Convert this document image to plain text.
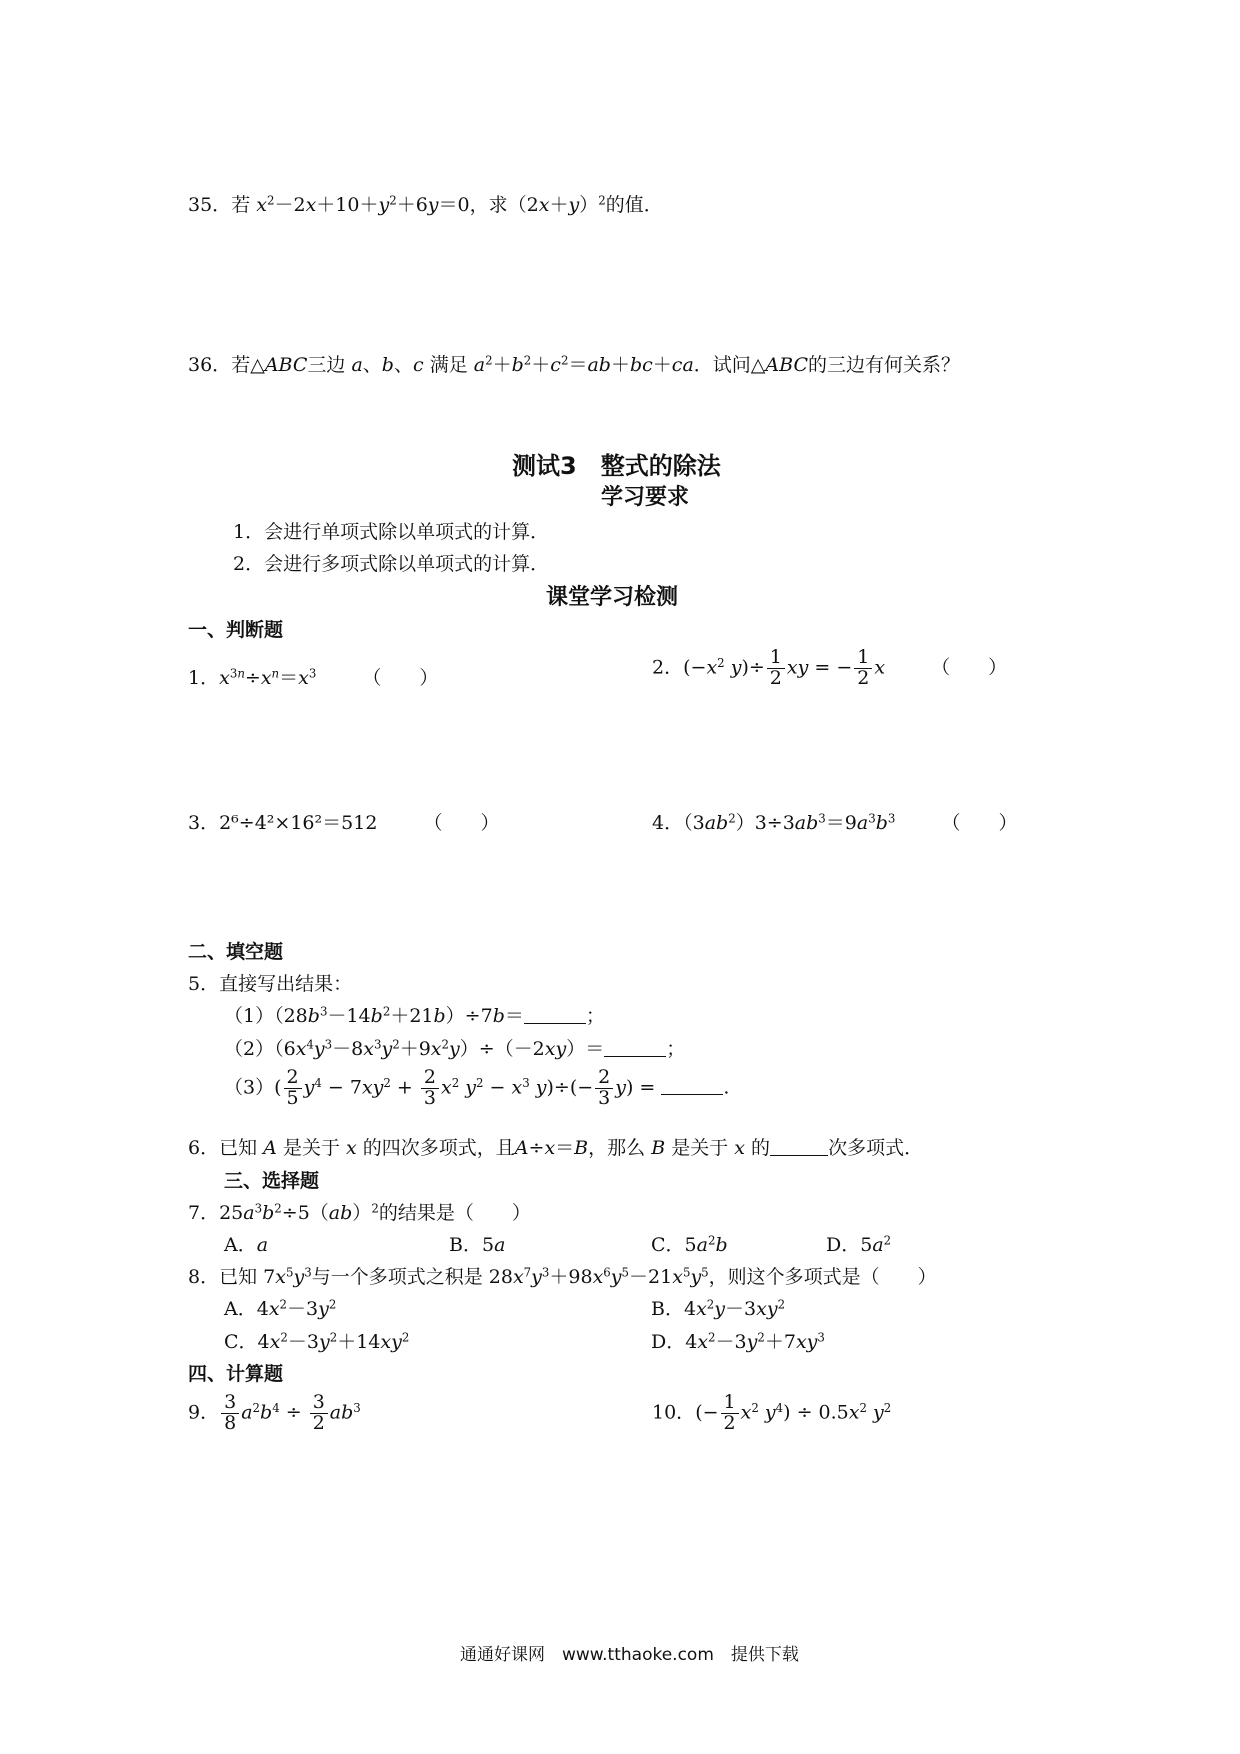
35．若 $x^2-2x+10+y^2+6y=0$，求$(2x+y)^2$的值．
36．若△ABC三边 a、b、c 满足 $a^2+b^2+c^2=ab+bc+ca$．试问△ABC的三边有何关系？
测试3　整式的除法
学习要求
1．会进行单项式除以单项式的计算．
2．会进行多项式除以单项式的计算．
课堂学习检测
一、判断题
1．$x^{3n}\div x^n=x^3$ （　　）	2．($-x^2$ $y)\div \frac{1}{2}$ xy = − $\frac{1}{2}$ x （　　）
3．2⁶÷4²×16²＝512 （　　）	4．$(3ab^2)3\div 3ab^3=9a^3b^3$ （　　）
二、填空题
5．直接写出结果：
$(1)(28b^3-14b^2+21b)\div 7b=$	；
$(2)(6x^4y^3-8x^3y^2+9x^2y)\div(-2xy)=$	；
$(3)( \frac{2}{5} y^4 - 7xy^2 + \frac{2}{3} x^2$ $y^2 - x^3$ $y)\div(- \frac{2}{3} y)$ =	.
6．已知 A 是关于 x 的四次多项式，且A÷x＝B，那么 B 是关于 x 的	次多项式．
三、选择题
7．$25a^3b^2\div 5(ab)^2$的结果是（　　）
A．a	B．5a	C．$5a^2b$	D．$5a^2$
8．已知 $7x^5y^3$与一个多项式之积是 $28x^7y^3+98x^6y^5-21x^5y^5$，则这个多项式是（　　）
A．$4x^2-3y^2$	B．$4x^2y-3xy^2$
C．$4x^2-3y^2+14xy^2$	D．$4x^2-3y^2+7xy^3$
四、计算题
9． $\frac{3}{8} a^2b^4 \div \frac{3}{2} ab^3$	10．(− $\frac{1}{2} x^2$ $y^4) \div 0.5x^2$ $y^2$
通通好课网　www.tthaoke.com　提供下载
